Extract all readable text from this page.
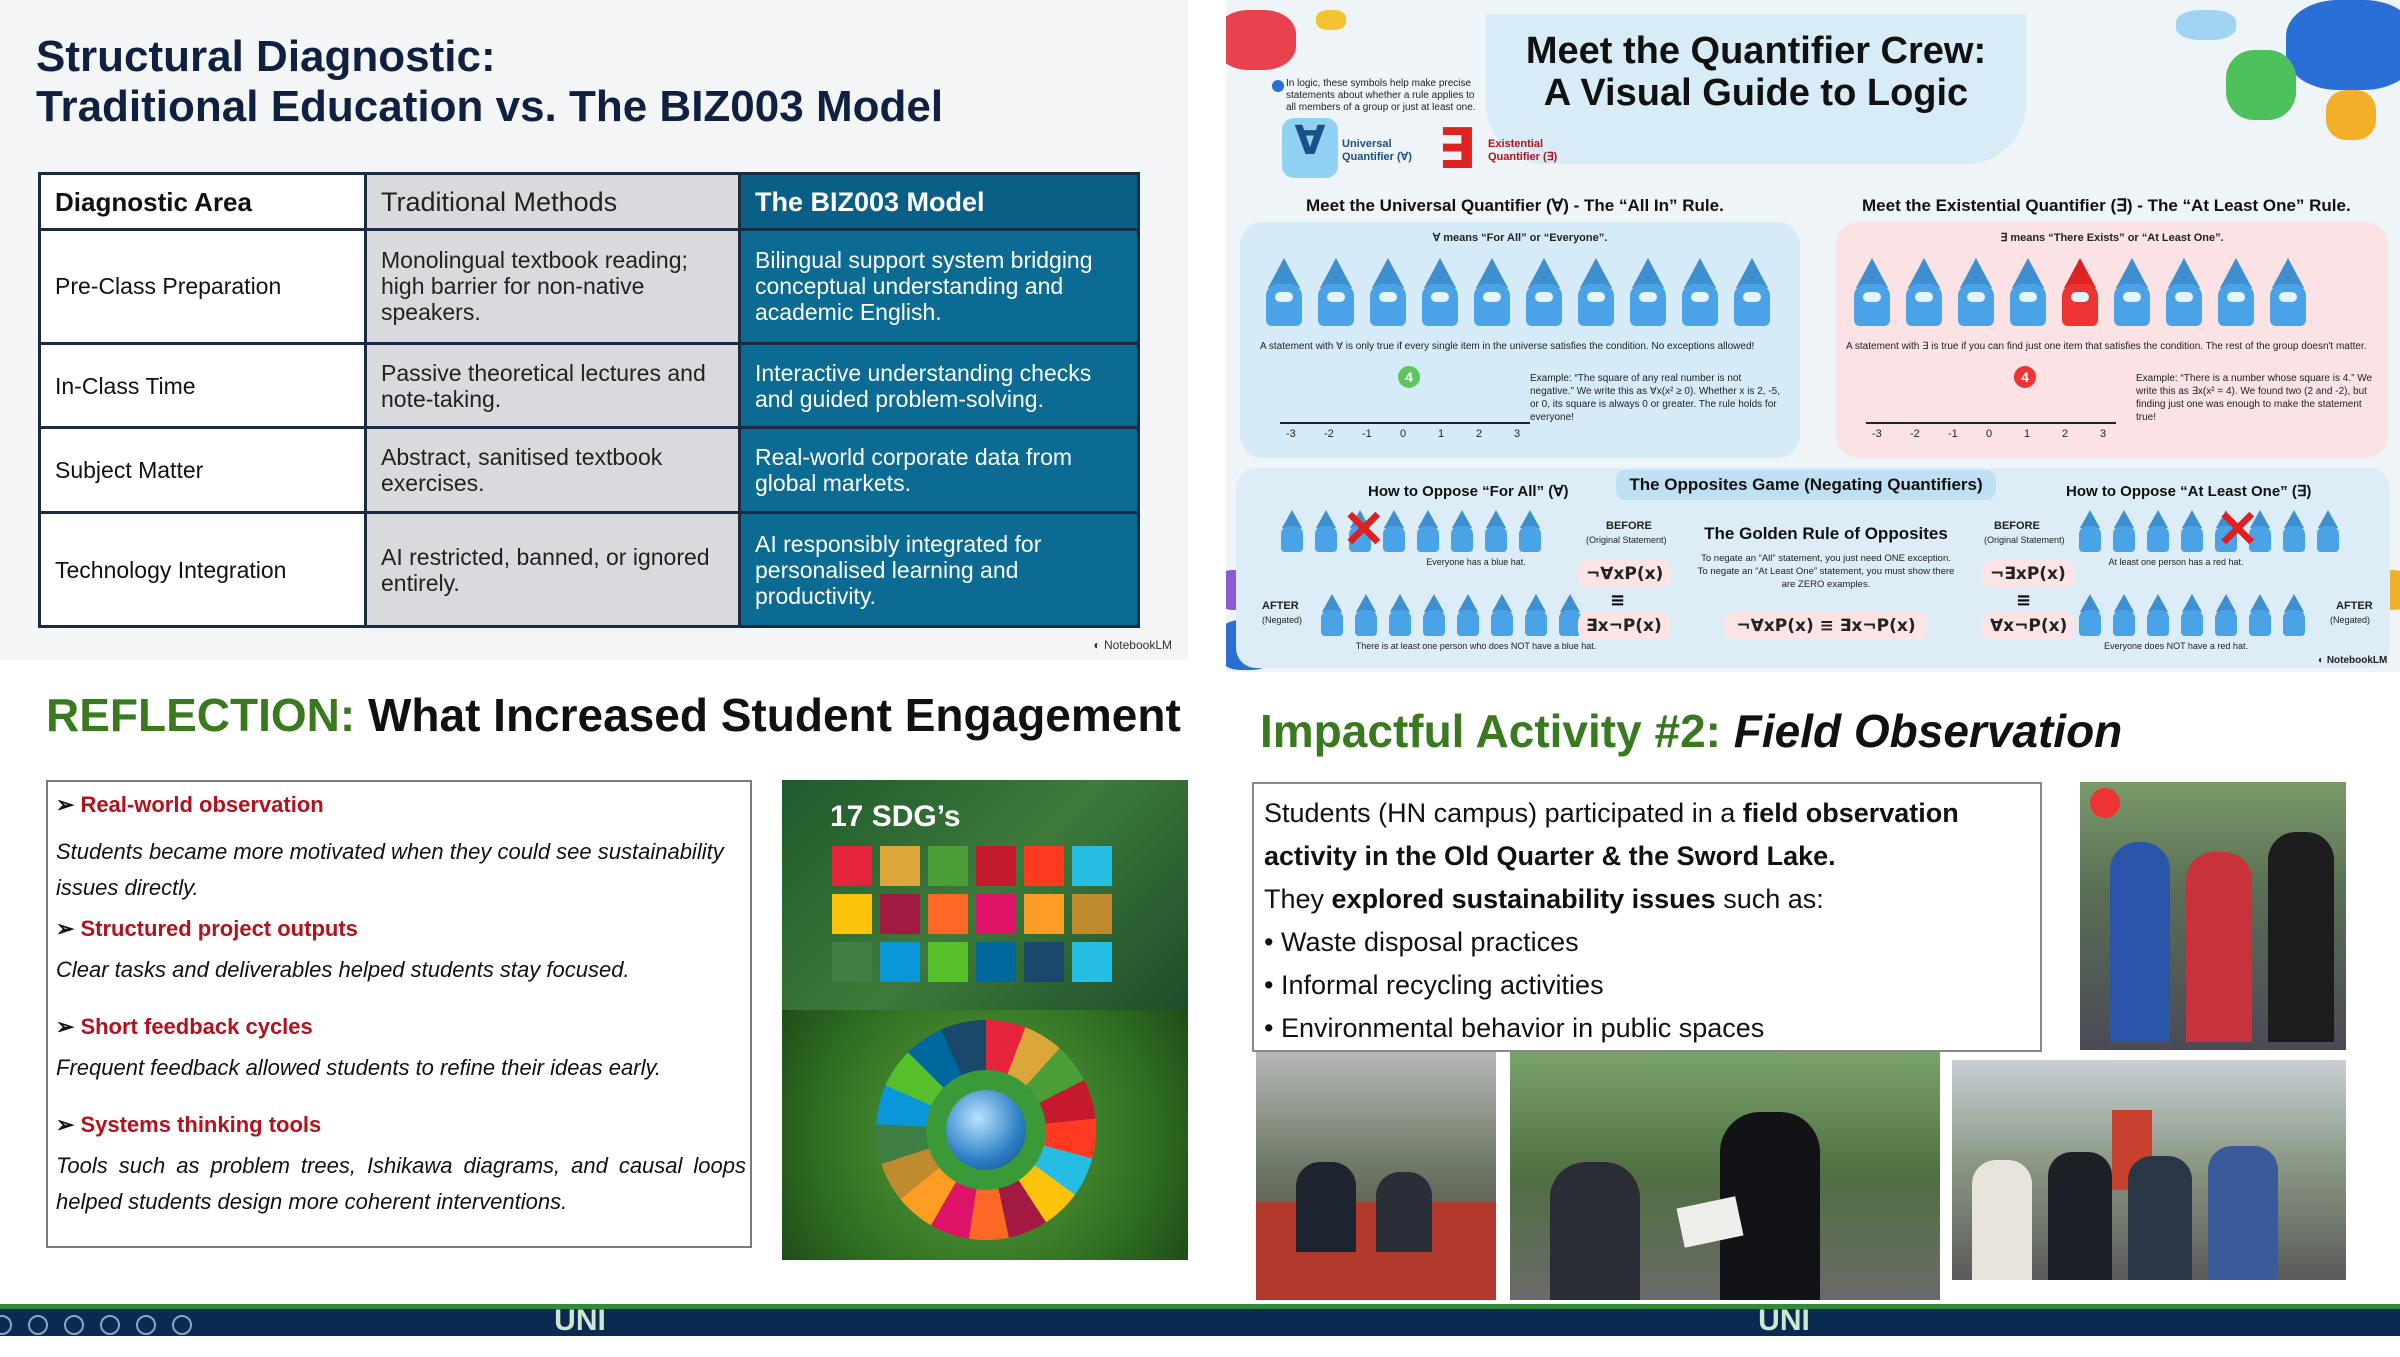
Structural Diagnostic:
Traditional Education vs. The BIZ003 Model
Diagnostic Area	Traditional Methods	The BIZ003 Model
Pre-Class Preparation	Monolingual textbook reading; high barrier for non-native speakers.	Bilingual support system bridging conceptual understanding and academic English.
In-Class Time	Passive theoretical lectures and note-taking.	Interactive understanding checks and guided problem-solving.
Subject Matter	Abstract, sanitised textbook exercises.	Real-world corporate data from global markets.
Technology Integration	AI restricted, banned, or ignored entirely.	AI responsibly integrated for personalised learning and productivity.
◐ NotebookLM
Meet the Quantifier Crew:
A Visual Guide to Logic
In logic, these symbols help make precise statements about whether a rule applies to all members of a group or just at least one.
∀	Universal Quantifier (∀) ∃	Existential Quantifier (∃)
Meet the Universal Quantifier (∀) - The “All In” Rule.	Meet the Existential Quantifier (∃) - The “At Least One” Rule.
∀ means “For All” or “Everyone”.
A statement with ∀ is only true if every single item in the universe satisfies the condition. No exceptions allowed!
Example: “The square of any real number is not negative.” We write this as ∀x(x² ≥ 0). Whether x is 2, -5, or 0, its square is always 0 or greater. The rule holds for everyone!
-3	-2	-1	0	1	2	3
4
∃ means “There Exists” or “At Least One”.
A statement with ∃ is true if you can find just one item that satisfies the condition. The rest of the group doesn't matter.
Example: “There is a number whose square is 4.” We write this as ∃x(x² = 4). We found two (2 and -2), but finding just one was enough to make the statement true!
-3	-2	-1	0	1	2	3
4
The Opposites Game (Negating Quantifiers)
How to Oppose “For All” (∀)	How to Oppose “At Least One” (∃)
✕	✕
Everyone has a blue hat.
There is at least one person who does NOT have a blue hat.
At least one person has a red hat.
Everyone does NOT have a red hat.
AFTER
(Negated)
AFTER
(Negated)
BEFORE
(Original Statement)
BEFORE
(Original Statement)
¬∀xP(x)
≡
∃x¬P(x)
¬∃xP(x)
≡
∀x¬P(x)
The Golden Rule of Opposites
To negate an “All” statement, you just need ONE exception. To negate an “At Least One” statement, you must show there are ZERO examples.
¬∀xP(x) ≡ ∃x¬P(x)
◐ NotebookLM
REFLECTION: What Increased Student Engagement
➢ Real-world observation
Students became more motivated when they could see sustainability issues directly.
➢ Structured project outputs
Clear tasks and deliverables helped students stay focused.
➢ Short feedback cycles
Frequent feedback allowed students to refine their ideas early.
➢ Systems thinking tools
Tools such as problem trees, Ishikawa diagrams, and causal loops helped students design more coherent interventions.
17 SDG’s
Impactful Activity #2: Field Observation
Students (HN campus) participated in a field observation activity in the Old Quarter & the Sword Lake.
They explored sustainability issues such as:
• Waste disposal practices
• Informal recycling activities
• Environmental behavior in public spaces
UNI	UNI
